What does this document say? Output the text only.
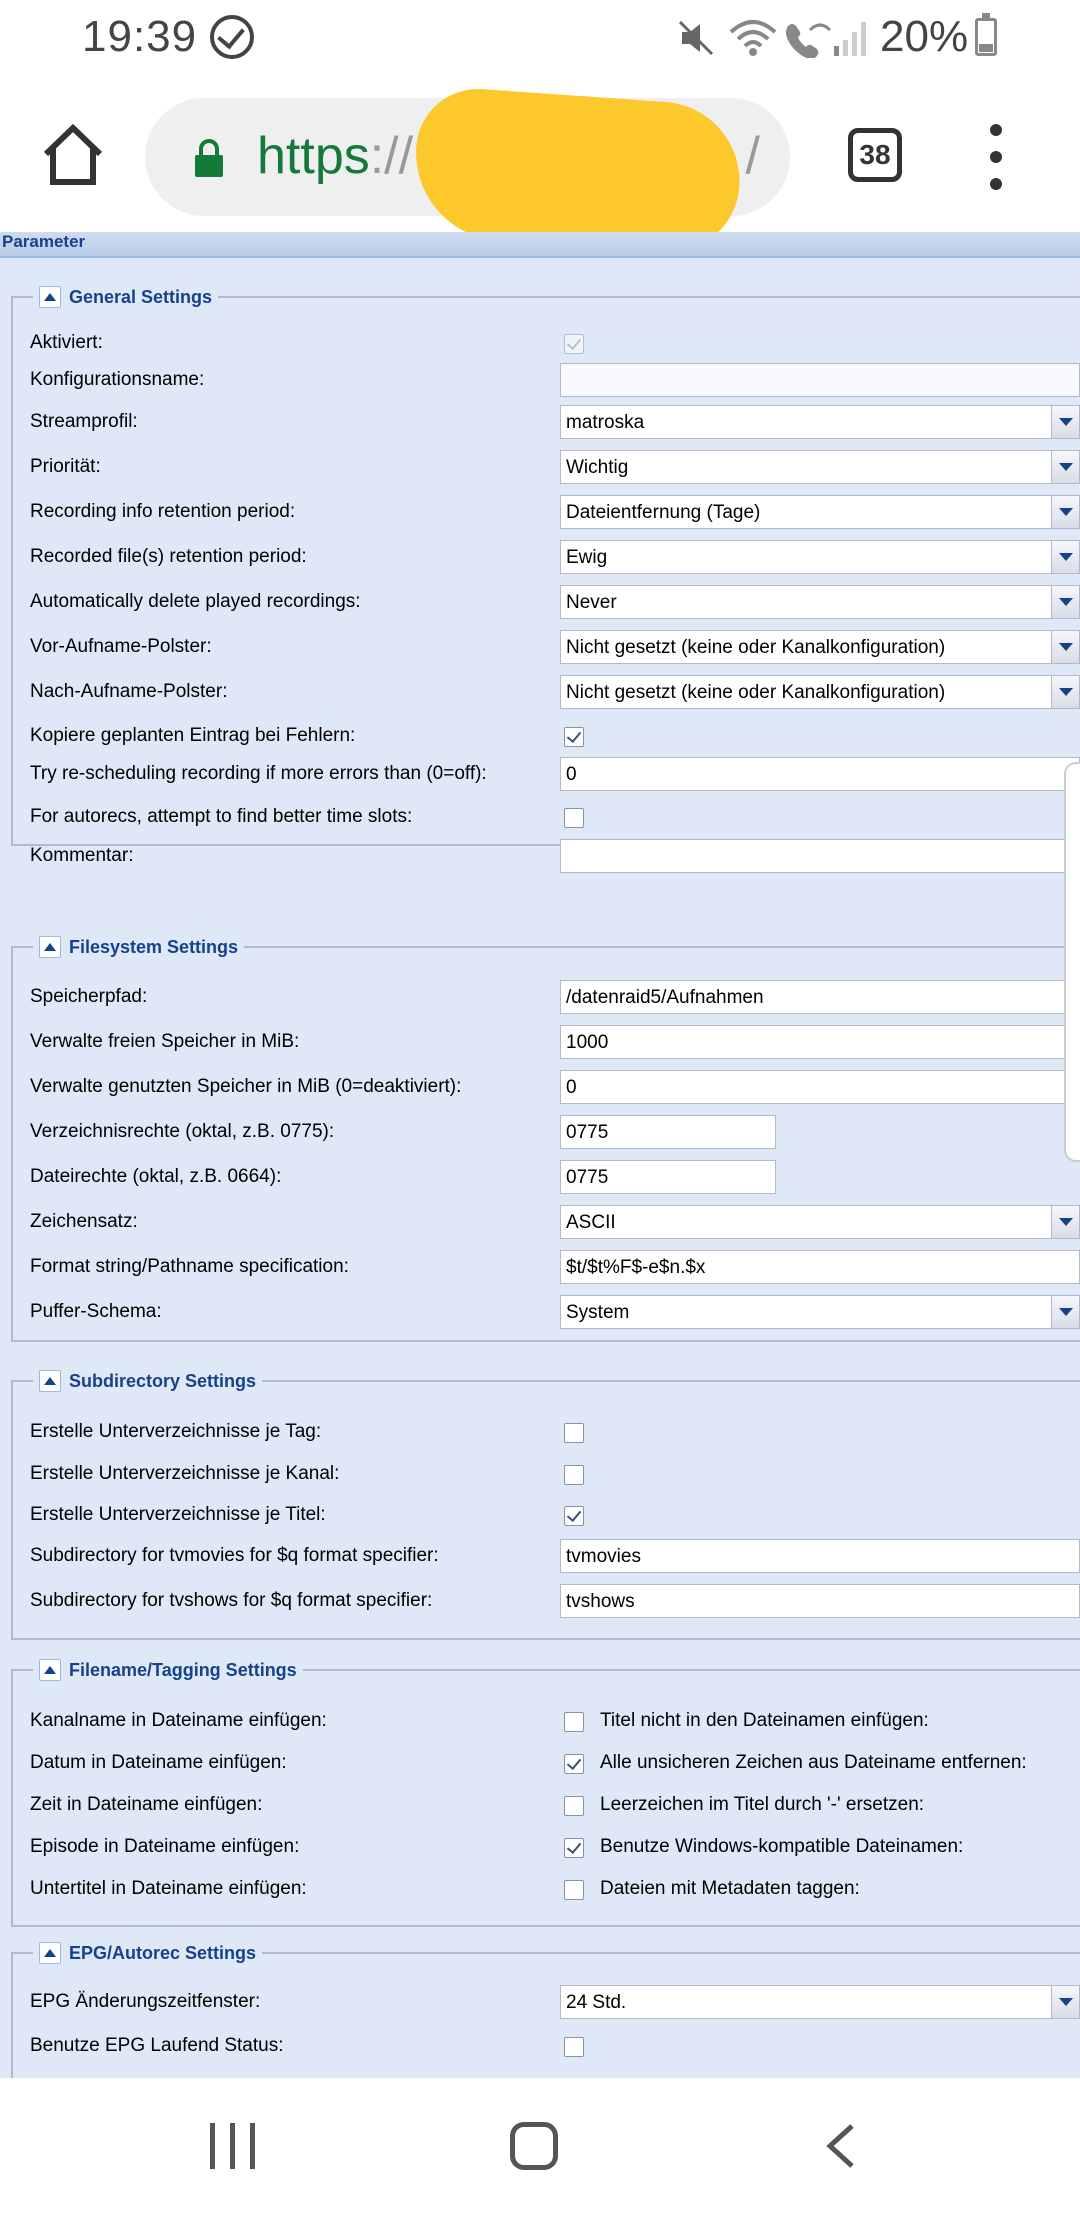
19:39	20%
https://	/	38
Parameter
General Settings
Aktiviert:
Konfigurationsname:
Streamprofil:	matroska
Priorität:	Wichtig
Recording info retention period:	Dateientfernung (Tage)
Recorded file(s) retention period:	Ewig
Automatically delete played recordings:	Never
Vor-Aufname-Polster:	Nicht gesetzt (keine oder Kanalkonfiguration)
Nach-Aufname-Polster:	Nicht gesetzt (keine oder Kanalkonfiguration)
Kopiere geplanten Eintrag bei Fehlern:
Try re-scheduling recording if more errors than (0=off):	0
For autorecs, attempt to find better time slots:
Kommentar:
Filesystem Settings
Speicherpfad:	/datenraid5/Aufnahmen
Verwalte freien Speicher in MiB:	1000
Verwalte genutzten Speicher in MiB (0=deaktiviert):	0
Verzeichnisrechte (oktal, z.B. 0775):	0775
Dateirechte (oktal, z.B. 0664):	0775
Zeichensatz:	ASCII
Format string/Pathname specification:	$t/$t%F$-e$n.$x
Puffer-Schema:	System
Subdirectory Settings
Erstelle Unterverzeichnisse je Tag:
Erstelle Unterverzeichnisse je Kanal:
Erstelle Unterverzeichnisse je Titel:
Subdirectory for tvmovies for $q format specifier:	tvmovies
Subdirectory for tvshows for $q format specifier:	tvshows
Filename/Tagging Settings
Kanalname in Dateiname einfügen:	Titel nicht in den Dateinamen einfügen:
Datum in Dateiname einfügen:	Alle unsicheren Zeichen aus Dateiname entfernen:
Zeit in Dateiname einfügen:	Leerzeichen im Titel durch '-' ersetzen:
Episode in Dateiname einfügen:	Benutze Windows-kompatible Dateinamen:
Untertitel in Dateiname einfügen:	Dateien mit Metadaten taggen:
EPG/Autorec Settings
EPG Änderungszeitfenster:	24 Std.
Benutze EPG Laufend Status:
